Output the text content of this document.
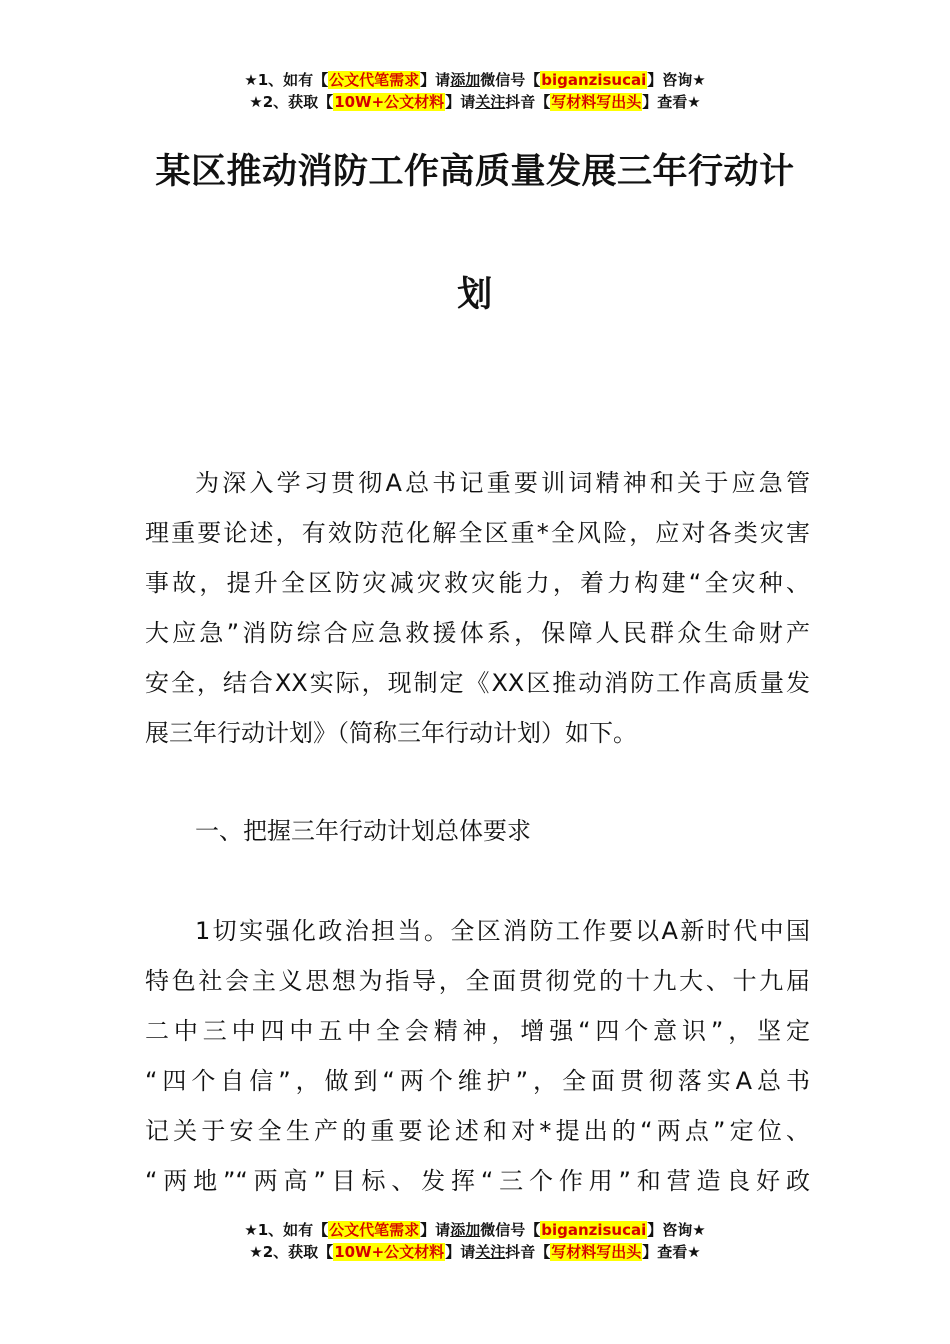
★1、如有【公文代笔需求】请添加微信号【biganzisucai】咨询★
★2、获取【10W+公文材料】请关注抖音【写材料写出头】查看★
某区推动消防工作高质量发展三年行动计
划
为深入学习贯彻A总书记重要训词精神和关于应急管
理重要论述，有效防范化解全区重*全风险，应对各类灾害
事故，提升全区防灾减灾救灾能力，着力构建“全灾种、
大应急”消防综合应急救援体系，保障人民群众生命财产
安全，结合XX实际，现制定《XX区推动消防工作高质量发
展三年行动计划》（简称三年行动计划）如下。
一、把握三年行动计划总体要求
1切实强化政治担当。全区消防工作要以A新时代中国
特色社会主义思想为指导，全面贯彻党的十九大、十九届
二中三中四中五中全会精神，增强“四个意识”，坚定
“四个自信”，做到“两个维护”，全面贯彻落实A总书
记关于安全生产的重要论述和对*提出的“两点”定位、
“两地”“两高”目标、发挥“三个作用”和营造良好政
★1、如有【公文代笔需求】请添加微信号【biganzisucai】咨询★
★2、获取【10W+公文材料】请关注抖音【写材料写出头】查看★
